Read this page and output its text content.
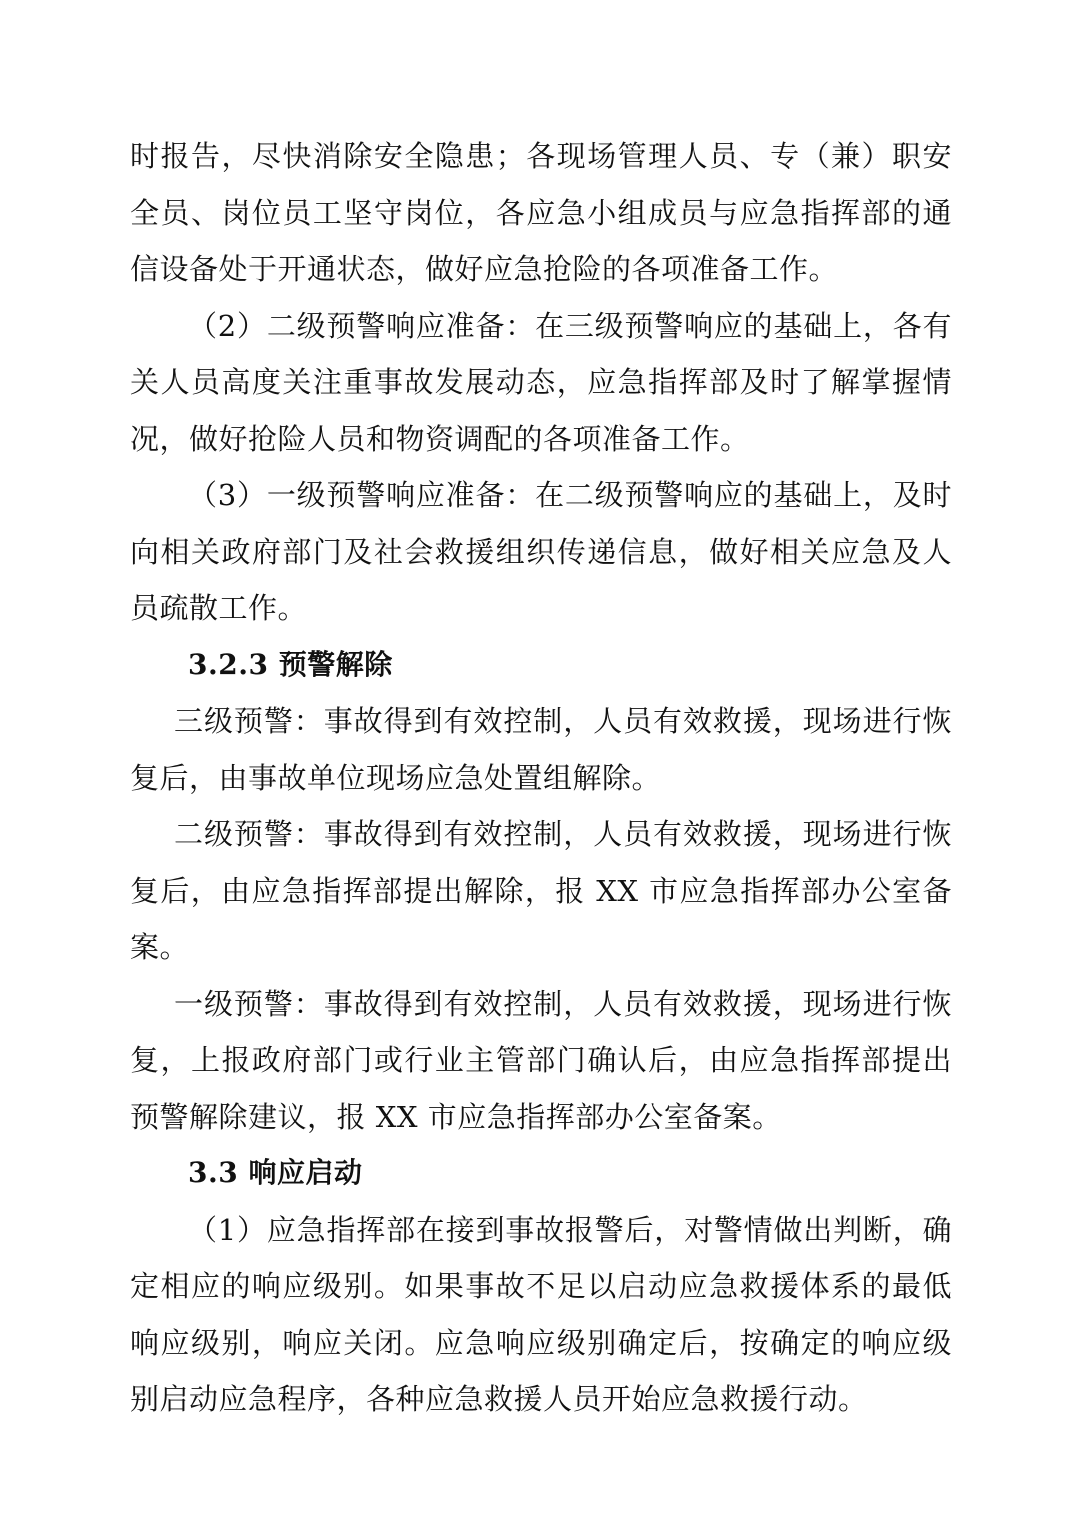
时报告，尽快消除安全隐患；各现场管理人员、专（兼）职安全员、岗位员工坚守岗位，各应急小组成员与应急指挥部的通信设备处于开通状态，做好应急抢险的各项准备工作。

（2）二级预警响应准备：在三级预警响应的基础上，各有关人员高度关注重事故发展动态，应急指挥部及时了解掌握情况，做好抢险人员和物资调配的各项准备工作。

（3）一级预警响应准备：在二级预警响应的基础上，及时向相关政府部门及社会救援组织传递信息，做好相关应急及人员疏散工作。

3.2.3 预警解除

三级预警：事故得到有效控制，人员有效救援，现场进行恢复后，由事故单位现场应急处置组解除。

二级预警：事故得到有效控制，人员有效救援，现场进行恢复后，由应急指挥部提出解除，报 XX 市应急指挥部办公室备案。

一级预警：事故得到有效控制，人员有效救援，现场进行恢复，上报政府部门或行业主管部门确认后，由应急指挥部提出预警解除建议，报 XX 市应急指挥部办公室备案。

3.3 响应启动

（1）应急指挥部在接到事故报警后，对警情做出判断，确定相应的响应级别。如果事故不足以启动应急救援体系的最低响应级别，响应关闭。应急响应级别确定后，按确定的响应级别启动应急程序，各种应急救援人员开始应急救援行动。
